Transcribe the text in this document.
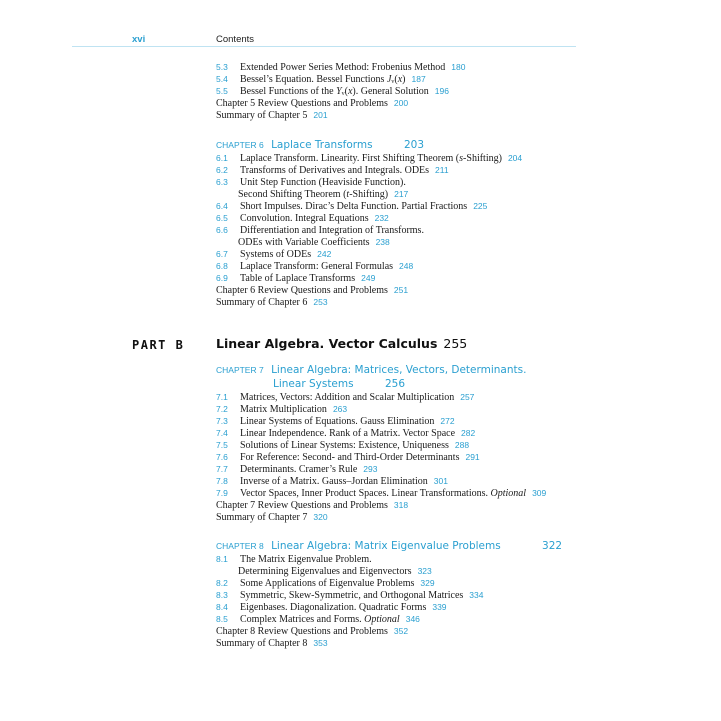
xvi	Contents
5.3 Extended Power Series Method: Frobenius Method 180
5.4 Bessel’s Equation. Bessel Functions Jᵥ(x) 187
5.5 Bessel Functions of the Yᵥ(x). General Solution 196
Chapter 5 Review Questions and Problems 200
Summary of Chapter 5 201
CHAPTER 6 Laplace Transforms	203
6.1 Laplace Transform. Linearity. First Shifting Theorem (s-Shifting) 204
6.2 Transforms of Derivatives and Integrals. ODEs 211
6.3 Unit Step Function (Heaviside Function).
Second Shifting Theorem (t-Shifting) 217
6.4 Short Impulses. Dirac’s Delta Function. Partial Fractions 225
6.5 Convolution. Integral Equations 232
6.6 Differentiation and Integration of Transforms.
ODEs with Variable Coefficients 238
6.7 Systems of ODEs 242
6.8 Laplace Transform: General Formulas 248
6.9 Table of Laplace Transforms 249
Chapter 6 Review Questions and Problems 251
Summary of Chapter 6 253
PART B	Linear Algebra. Vector Calculus 255
CHAPTER 7 Linear Algebra: Matrices, Vectors, Determinants.
Linear Systems	256
7.1 Matrices, Vectors: Addition and Scalar Multiplication 257
7.2 Matrix Multiplication 263
7.3 Linear Systems of Equations. Gauss Elimination 272
7.4 Linear Independence. Rank of a Matrix. Vector Space 282
7.5 Solutions of Linear Systems: Existence, Uniqueness 288
7.6 For Reference: Second- and Third-Order Determinants 291
7.7 Determinants. Cramer’s Rule 293
7.8 Inverse of a Matrix. Gauss–Jordan Elimination 301
7.9 Vector Spaces, Inner Product Spaces. Linear Transformations. Optional 309
Chapter 7 Review Questions and Problems 318
Summary of Chapter 7 320
CHAPTER 8 Linear Algebra: Matrix Eigenvalue Problems	322
8.1 The Matrix Eigenvalue Problem.
Determining Eigenvalues and Eigenvectors 323
8.2 Some Applications of Eigenvalue Problems 329
8.3 Symmetric, Skew-Symmetric, and Orthogonal Matrices 334
8.4 Eigenbases. Diagonalization. Quadratic Forms 339
8.5 Complex Matrices and Forms. Optional 346
Chapter 8 Review Questions and Problems 352
Summary of Chapter 8 353
